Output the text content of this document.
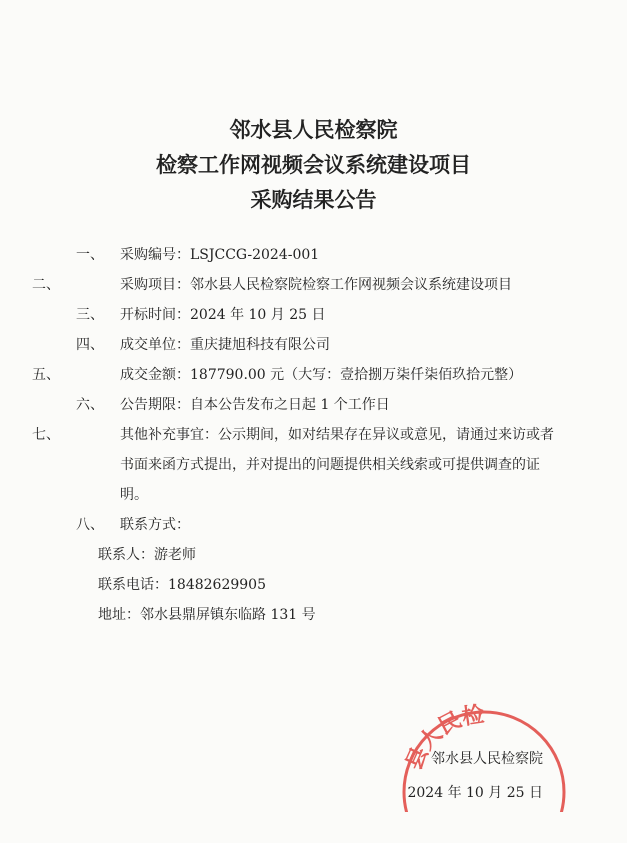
邻水县人民检察院
检察工作网视频会议系统建设项目
采购结果公告
一、 采购编号：LSJCCG-2024-001
二、	采购项目：邻水县人民检察院检察工作网视频会议系统建设项目
三、 开标时间：2024 年 10 月 25 日
四、 成交单位：重庆捷旭科技有限公司
五、	成交金额：187790.00 元（大写：壹拾捌万柒仟柒佰玖拾元整）
六、 公告期限：自本公告发布之日起 1 个工作日
七、	其他补充事宜：公示期间，如对结果存在异议或意见，请通过来访或者书面来函方式提出，并对提出的问题提供相关线索或可提供调查的证明。
八、 联系方式：
联系人：游老师
联系电话：18482629905
地址：邻水县鼎屏镇东临路 131 号
县人民检
邻水县人民检察院
2024 年 10 月 25 日
